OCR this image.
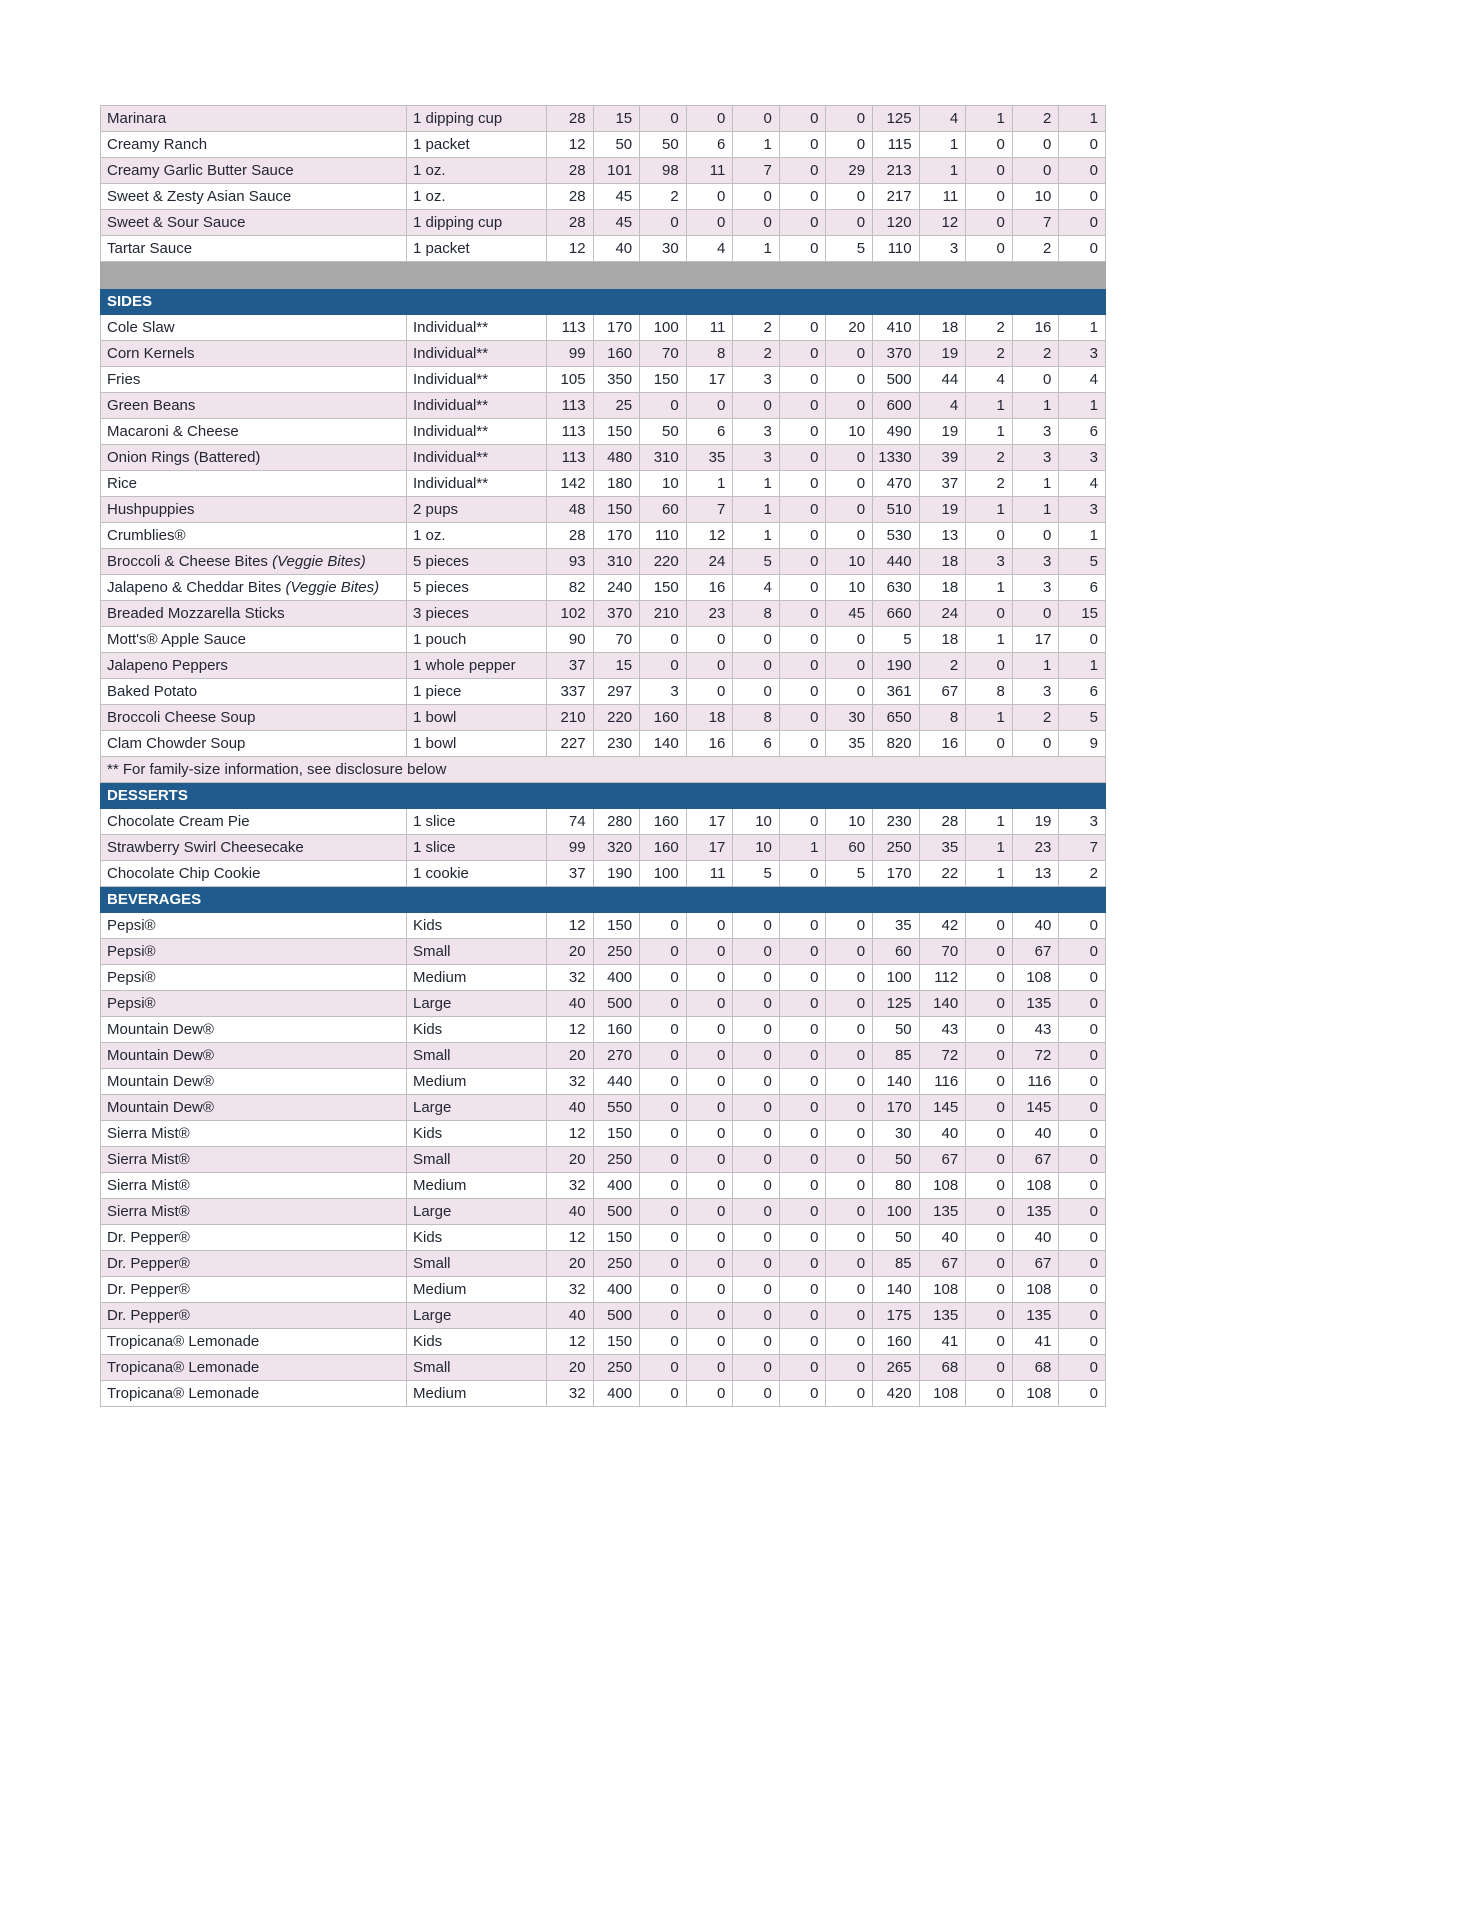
Marinara	1 dipping cup	28	15	0	0	0	0	0	125	4	1	2	1
Creamy Ranch	1 packet	12	50	50	6	1	0	0	115	1	0	0	0
Creamy Garlic Butter Sauce	1 oz.	28	101	98	11	7	0	29	213	1	0	0	0
Sweet & Zesty Asian Sauce	1 oz.	28	45	2	0	0	0	0	217	11	0	10	0
Sweet & Sour Sauce	1 dipping cup	28	45	0	0	0	0	0	120	12	0	7	0
Tartar Sauce	1 packet	12	40	30	4	1	0	5	110	3	0	2	0

SIDES													
Cole Slaw	Individual**	113	170	100	11	2	0	20	410	18	2	16	1
Corn Kernels	Individual**	99	160	70	8	2	0	0	370	19	2	2	3
Fries	Individual**	105	350	150	17	3	0	0	500	44	4	0	4
Green Beans	Individual**	113	25	0	0	0	0	0	600	4	1	1	1
Macaroni & Cheese	Individual**	113	150	50	6	3	0	10	490	19	1	3	6
Onion Rings (Battered)	Individual**	113	480	310	35	3	0	0	1330	39	2	3	3
Rice	Individual**	142	180	10	1	1	0	0	470	37	2	1	4
Hushpuppies	2 pups	48	150	60	7	1	0	0	510	19	1	1	3
Crumblies®	1 oz.	28	170	110	12	1	0	0	530	13	0	0	1
Broccoli & Cheese Bites (Veggie Bites)	5 pieces	93	310	220	24	5	0	10	440	18	3	3	5
Jalapeno & Cheddar Bites (Veggie Bites)	5 pieces	82	240	150	16	4	0	10	630	18	1	3	6
Breaded Mozzarella Sticks	3 pieces	102	370	210	23	8	0	45	660	24	0	0	15
Mott's® Apple Sauce	1 pouch	90	70	0	0	0	0	0	5	18	1	17	0
Jalapeno Peppers	1 whole pepper	37	15	0	0	0	0	0	190	2	0	1	1
Baked Potato	1 piece	337	297	3	0	0	0	0	361	67	8	3	6
Broccoli Cheese Soup	1 bowl	210	220	160	18	8	0	30	650	8	1	2	5
Clam Chowder Soup	1 bowl	227	230	140	16	6	0	35	820	16	0	0	9
** For family-size information, see disclosure below													
DESSERTS													
Chocolate Cream Pie	1 slice	74	280	160	17	10	0	10	230	28	1	19	3
Strawberry Swirl Cheesecake	1 slice	99	320	160	17	10	1	60	250	35	1	23	7
Chocolate Chip Cookie	1 cookie	37	190	100	11	5	0	5	170	22	1	13	2
BEVERAGES													
Pepsi®	Kids	12	150	0	0	0	0	0	35	42	0	40	0
Pepsi®	Small	20	250	0	0	0	0	0	60	70	0	67	0
Pepsi®	Medium	32	400	0	0	0	0	0	100	112	0	108	0
Pepsi®	Large	40	500	0	0	0	0	0	125	140	0	135	0
Mountain Dew®	Kids	12	160	0	0	0	0	0	50	43	0	43	0
Mountain Dew®	Small	20	270	0	0	0	0	0	85	72	0	72	0
Mountain Dew®	Medium	32	440	0	0	0	0	0	140	116	0	116	0
Mountain Dew®	Large	40	550	0	0	0	0	0	170	145	0	145	0
Sierra Mist®	Kids	12	150	0	0	0	0	0	30	40	0	40	0
Sierra Mist®	Small	20	250	0	0	0	0	0	50	67	0	67	0
Sierra Mist®	Medium	32	400	0	0	0	0	0	80	108	0	108	0
Sierra Mist®	Large	40	500	0	0	0	0	0	100	135	0	135	0
Dr. Pepper®	Kids	12	150	0	0	0	0	0	50	40	0	40	0
Dr. Pepper®	Small	20	250	0	0	0	0	0	85	67	0	67	0
Dr. Pepper®	Medium	32	400	0	0	0	0	0	140	108	0	108	0
Dr. Pepper®	Large	40	500	0	0	0	0	0	175	135	0	135	0
Tropicana® Lemonade	Kids	12	150	0	0	0	0	0	160	41	0	41	0
Tropicana® Lemonade	Small	20	250	0	0	0	0	0	265	68	0	68	0
Tropicana® Lemonade	Medium	32	400	0	0	0	0	0	420	108	0	108	0
